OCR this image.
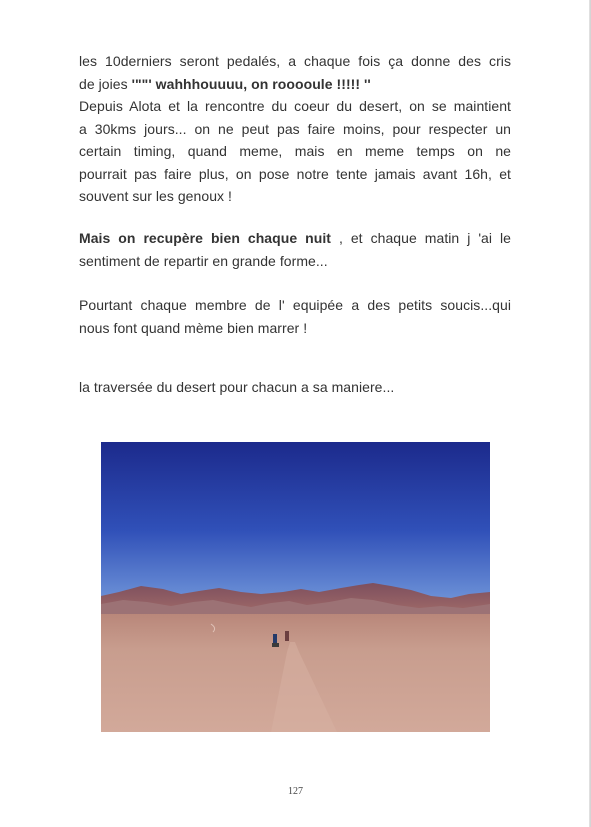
les 10derniers seront pedalés, a chaque fois ça donne des cris
de joies '""' wahhhouuuu, on rooooule !!!!! ''
Depuis Alota et la rencontre du coeur du desert, on se maintient
a 30kms jours... on ne peut pas faire moins, pour respecter un
certain timing, quand meme, mais en meme temps on ne
pourrait pas faire plus, on pose notre tente jamais avant 16h, et
souvent sur les genoux !
Mais on recupère bien chaque nuit , et chaque matin j 'ai le
sentiment de repartir en grande forme...
Pourtant chaque membre de l' equipée a des petits soucis...qui
nous font quand mème bien marrer !
la traversée du desert pour chacun a sa maniere...
127
